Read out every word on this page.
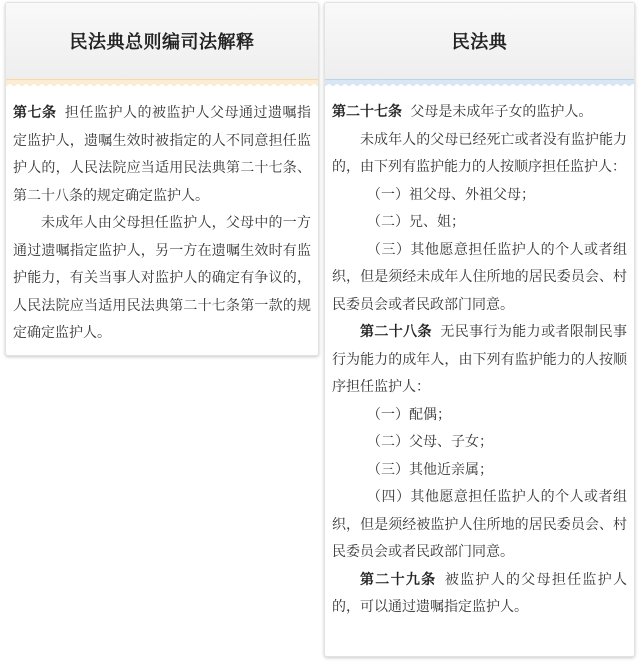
民法典总则编司法解释

第七条 担任监护人的被监护人父母通过遗嘱指定监护人，遗嘱生效时被指定的人不同意担任监护人的，人民法院应当适用民法典第二十七条、第二十八条的规定确定监护人。

未成年人由父母担任监护人，父母中的一方通过遗嘱指定监护人，另一方在遗嘱生效时有监护能力，有关当事人对监护人的确定有争议的，人民法院应当适用民法典第二十七条第一款的规定确定监护人。

民法典

第二十七条 父母是未成年子女的监护人。

未成年人的父母已经死亡或者没有监护能力的，由下列有监护能力的人按顺序担任监护人：

（一）祖父母、外祖父母；

（二）兄、姐；

（三）其他愿意担任监护人的个人或者组织，但是须经未成年人住所地的居民委员会、村民委员会或者民政部门同意。

第二十八条 无民事行为能力或者限制民事行为能力的成年人，由下列有监护能力的人按顺序担任监护人：

（一）配偶；

（二）父母、子女；

（三）其他近亲属；

（四）其他愿意担任监护人的个人或者组织，但是须经被监护人住所地的居民委员会、村民委员会或者民政部门同意。

第二十九条 被监护人的父母担任监护人的，可以通过遗嘱指定监护人。
